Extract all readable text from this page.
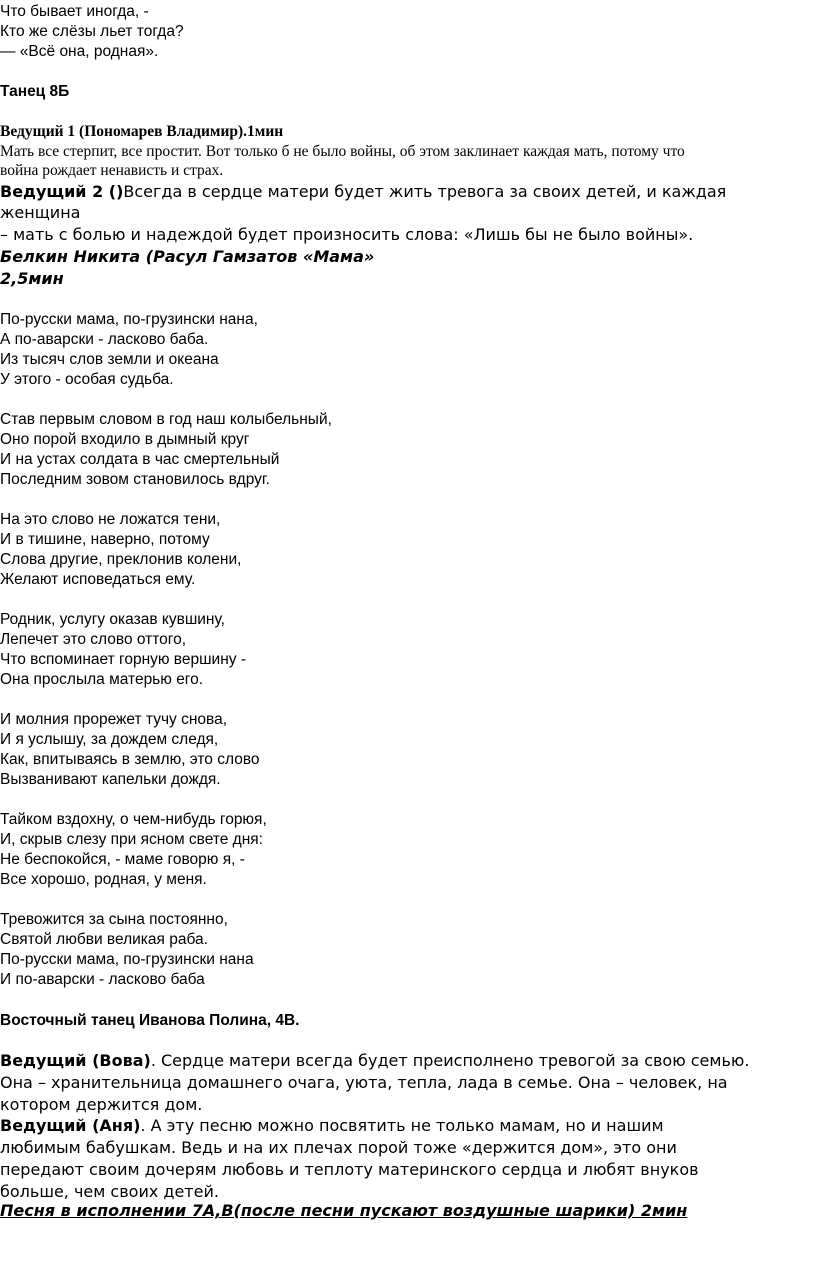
Что бывает иногда, -

Кто же слёзы льет тогда?

— «Всё она, родная».

Танец 8Б

Ведущий 1 (Пономарев Владимир).1мин

Мать все стерпит, все простит. Вот только б не было войны, об этом заклинает каждая мать, потому что

война рождает ненависть и страх.

Ведущий 2 ()Всегда в сердце матери будет жить тревога за своих детей, и каждая

женщина

– мать с болью и надеждой будет произносить слова: «Лишь бы не было войны».

Белкин Никита (Расул Гамзатов «Мама»

2,5мин

По-русски мама, по-грузински нана,

А по-аварски - ласково баба.

Из тысяч слов земли и океана

У этого - особая судьба.

Став первым словом в год наш колыбельный,

Оно порой входило в дымный круг

И на устах солдата в час смертельный

Последним зовом становилось вдруг.

На это слово не ложатся тени,

И в тишине, наверно, потому

Слова другие, преклонив колени,

Желают исповедаться ему.

Родник, услугу оказав кувшину,

Лепечет это слово оттого,

Что вспоминает горную вершину -

Она прослыла матерью его.

И молния прорежет тучу снова,

И я услышу, за дождем следя,

Как, впитываясь в землю, это слово

Вызванивают капельки дождя.

Тайком вздохну, о чем-нибудь горюя,

И, скрыв слезу при ясном свете дня:

Не беспокойся, - маме говорю я, -

Все хорошо, родная, у меня.

Тревожится за сына постоянно,

Святой любви великая раба.

По-русски мама, по-грузински нана

И по-аварски - ласково баба

Восточный танец Иванова Полина, 4В.

Ведущий (Вова). Сердце матери всегда будет преисполнено тревогой за свою семью.

Она – хранительница домашнего очага, уюта, тепла, лада в семье. Она – человек, на

котором держится дом.

Ведущий (Аня). А эту песню можно посвятить не только мамам, но и нашим

любимым бабушкам. Ведь и на их плечах порой тоже «держится дом», это они

передают своим дочерям любовь и теплоту материнского сердца и любят внуков

больше, чем своих детей.

Песня в исполнении 7А,В(после песни пускают воздушные шарики) 2мин
